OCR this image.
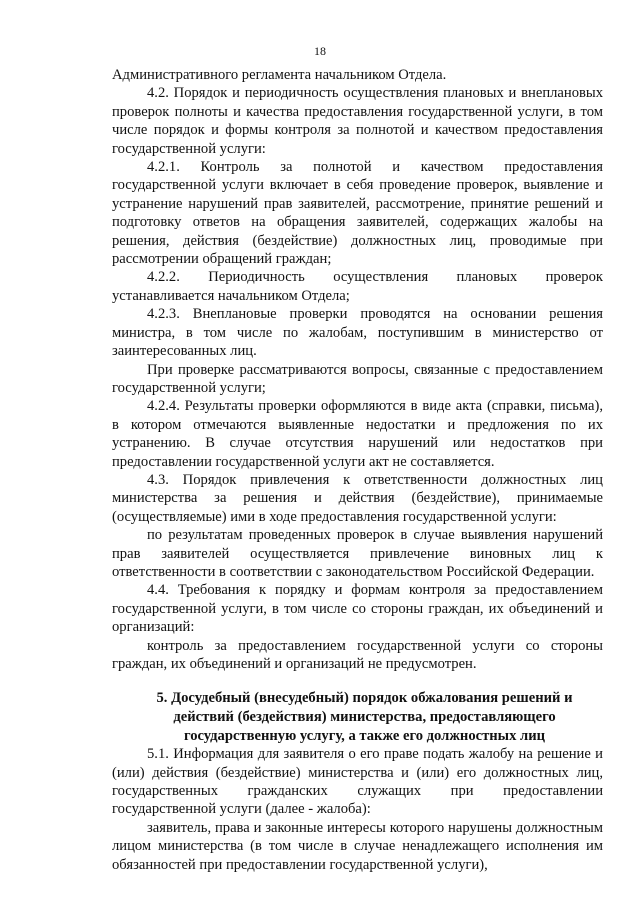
18

Административного регламента начальником Отдела.

4.2. Порядок и периодичность осуществления плановых и внеплановых проверок полноты и качества предоставления государственной услуги, в том числе порядок и формы контроля за полнотой и качеством предоставления государственной услуги:

4.2.1. Контроль за полнотой и качеством предоставления государственной услуги включает в себя проведение проверок, выявление и устранение нарушений прав заявителей, рассмотрение, принятие решений и подготовку ответов на обращения заявителей, содержащих жалобы на решения, действия (бездействие) должностных лиц, проводимые при рассмотрении обращений граждан;

4.2.2. Периодичность осуществления плановых проверок устанавливается начальником Отдела;

4.2.3. Внеплановые проверки проводятся на основании решения министра, в том числе по жалобам, поступившим в министерство от заинтересованных лиц.

При проверке рассматриваются вопросы, связанные с предоставлением государственной услуги;

4.2.4. Результаты проверки оформляются в виде акта (справки, письма), в котором отмечаются выявленные недостатки и предложения по их устранению. В случае отсутствия нарушений или недостатков при предоставлении государственной услуги акт не составляется.

4.3. Порядок привлечения к ответственности должностных лиц министерства за решения и действия (бездействие), принимаемые (осуществляемые) ими в ходе предоставления государственной услуги:

по результатам проведенных проверок в случае выявления нарушений прав заявителей осуществляется привлечение виновных лиц к ответственности в соответствии с законодательством Российской Федерации.

4.4. Требования к порядку и формам контроля за предоставлением государственной услуги, в том числе со стороны граждан, их объединений и организаций:

контроль за предоставлением государственной услуги со стороны граждан, их объединений и организаций не предусмотрен.

5. Досудебный (внесудебный) порядок обжалования решений и действий (бездействия) министерства, предоставляющего государственную услугу, а также его должностных лиц

5.1. Информация для заявителя о его праве подать жалобу на решение и (или) действия (бездействие) министерства и (или) его должностных лиц, государственных гражданских служащих при предоставлении государственной услуги (далее - жалоба):

заявитель, права и законные интересы которого нарушены должностным лицом министерства (в том числе в случае ненадлежащего исполнения им обязанностей при предоставлении государственной услуги),
